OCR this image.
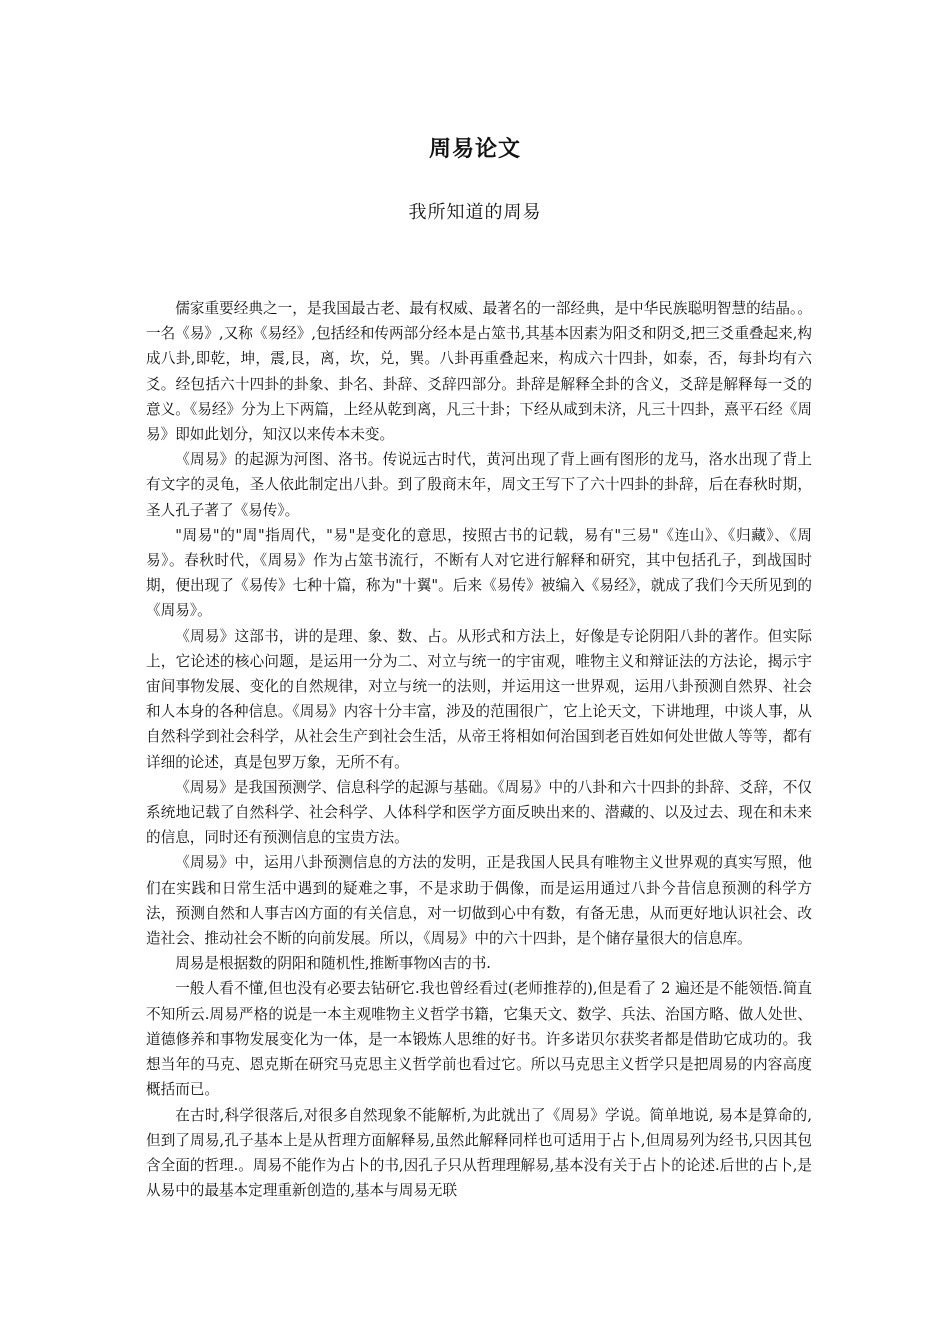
周易论文
我所知道的周易

儒家重要经典之一，是我国最古老、最有权威、最著名的一部经典，是中华民族聪明智慧的结晶。。一名《易》,又称《易经》,包括经和传两部分经本是占筮书,其基本因素为阳爻和阴爻,把三爻重叠起来,构成八卦,即乾，坤，震,艮，离，坎，兑，巽。八卦再重叠起来，构成六十四卦，如泰，否，每卦均有六爻。经包括六十四卦的卦象、卦名、卦辞、爻辞四部分。卦辞是解释全卦的含义，爻辞是解释每一爻的意义。《易经》分为上下两篇，上经从乾到离，凡三十卦；下经从咸到未济，凡三十四卦，熹平石经《周易》即如此划分，知汉以来传本未变。

《周易》的起源为河图、洛书。传说远古时代，黄河出现了背上画有图形的龙马，洛水出现了背上有文字的灵龟，圣人依此制定出八卦。到了殷商末年，周文王写下了六十四卦的卦辞，后在春秋时期，圣人孔子著了《易传》。

"周易"的"周"指周代，"易"是变化的意思，按照古书的记载，易有"三易"《连山》、《归藏》、《周易》。春秋时代，《周易》作为占筮书流行，不断有人对它进行解释和研究，其中包括孔子，到战国时期，便出现了《易传》七种十篇，称为"十翼"。后来《易传》被编入《易经》，就成了我们今天所见到的《周易》。

《周易》这部书，讲的是理、象、数、占。从形式和方法上，好像是专论阴阳八卦的著作。但实际上，它论述的核心问题，是运用一分为二、对立与统一的宇宙观，唯物主义和辩证法的方法论，揭示宇宙间事物发展、变化的自然规律，对立与统一的法则，并运用这一世界观，运用八卦预测自然界、社会和人本身的各种信息。《周易》内容十分丰富，涉及的范围很广，它上论天文，下讲地理，中谈人事，从自然科学到社会科学，从社会生产到社会生活，从帝王将相如何治国到老百姓如何处世做人等等，都有详细的论述，真是包罗万象，无所不有。

《周易》是我国预测学、信息科学的起源与基础。《周易》中的八卦和六十四卦的卦辞、爻辞，不仅系统地记载了自然科学、社会科学、人体科学和医学方面反映出来的、潜藏的、以及过去、现在和未来的信息，同时还有预测信息的宝贵方法。

《周易》中，运用八卦预测信息的方法的发明，正是我国人民具有唯物主义世界观的真实写照，他们在实践和日常生活中遇到的疑难之事，不是求助于偶像，而是运用通过八卦今昔信息预测的科学方法，预测自然和人事吉凶方面的有关信息，对一切做到心中有数，有备无患，从而更好地认识社会、改造社会、推动社会不断的向前发展。所以，《周易》中的六十四卦，是个储存量很大的信息库。

周易是根据数的阴阳和随机性,推断事物凶吉的书.

一般人看不懂,但也没有必要去钻研它.我也曾经看过(老师推荐的),但是看了 2 遍还是不能领悟.简直不知所云.周易严格的说是一本主观唯物主义哲学书籍，它集天文、数学、兵法、治国方略、做人处世、道德修养和事物发展变化为一体，是一本锻炼人思维的好书。许多诺贝尔获奖者都是借助它成功的。我想当年的马克、恩克斯在研究马克思主义哲学前也看过它。所以马克思主义哲学只是把周易的内容高度概括而已。

在古时,科学很落后,对很多自然现象不能解析,为此就出了《周易》学说。简单地说, 易本是算命的, 但到了周易,孔子基本上是从哲理方面解释易,虽然此解释同样也可适用于占卜,但周易列为经书,只因其包含全面的哲理.。周易不能作为占卜的书,因孔子只从哲理理解易,基本没有关于占卜的论述.后世的占卜,是从易中的最基本定理重新创造的,基本与周易无联
